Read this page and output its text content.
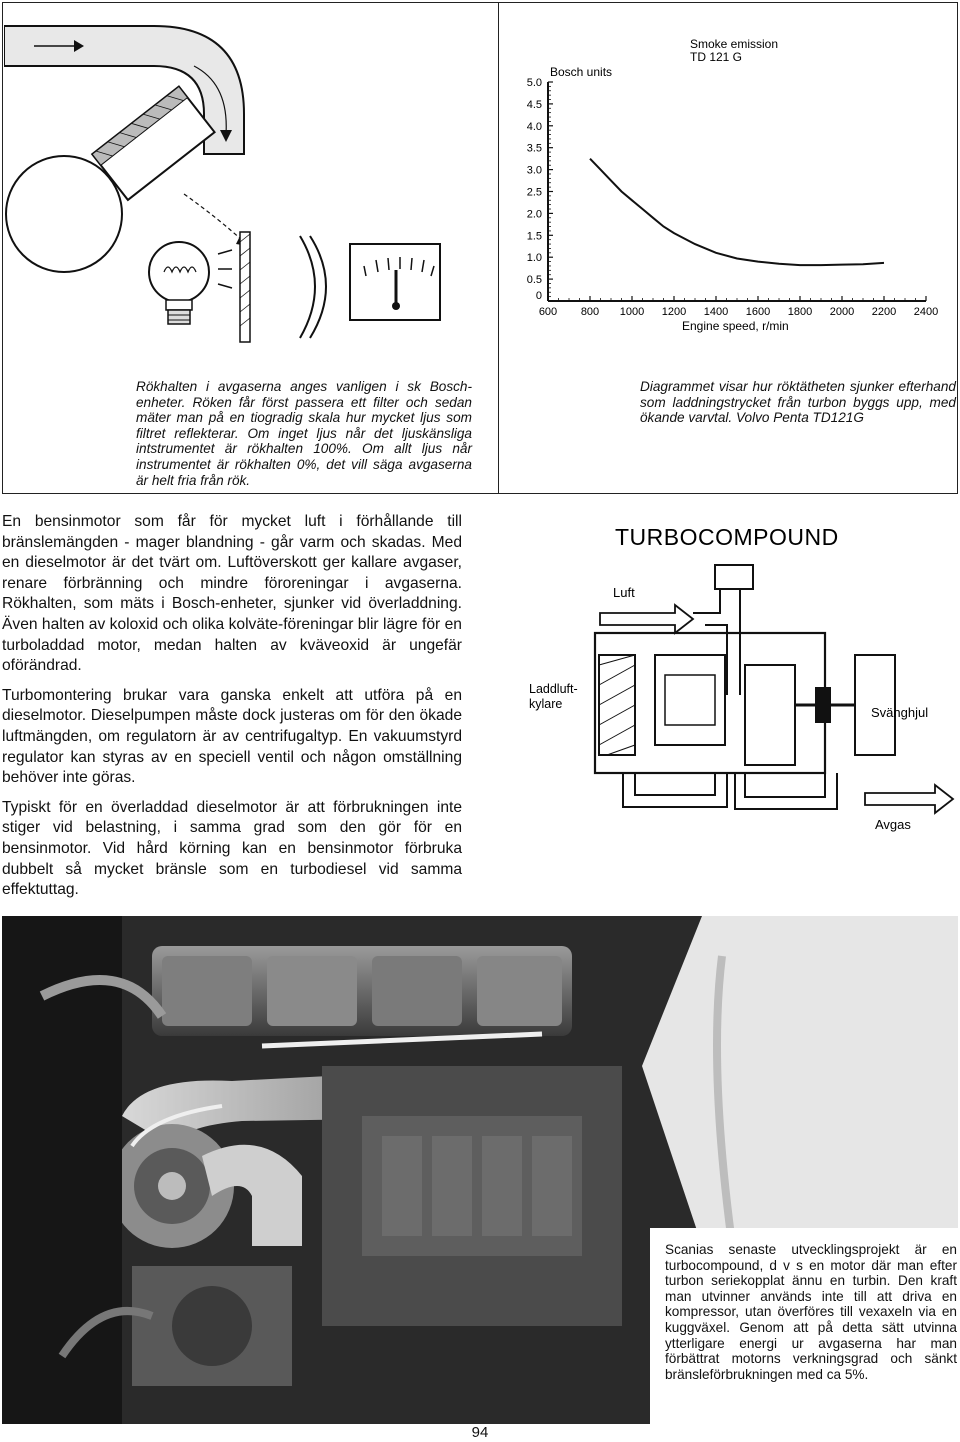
Rökhalten i avgaserna anges vanligen i sk Bosch-enheter. Röken får först passera ett filter och sedan mäter man på en tiogradig skala hur mycket ljus som filtret reflekterar. Om inget ljus når det ljuskänsliga intstrumentet är rökhalten 100%. Om allt ljus når instrumentet är rökhalten 0%, det vill säga avgaserna är helt fria från rök.
Smoke emission
TD 121 G
Bosch units
Engine speed, r/min
0
0.5
1.0
1.5
2.0
2.5
3.0
3.5
4.0
4.5
5.0
600 800 1000 1200 1400 1600 1800 2000 2200 2400
Diagrammet visar hur röktätheten sjunker efterhand som laddningstrycket från turbon byggs upp, med ökande varvtal. Volvo Penta TD121G

En bensinmotor som får för mycket luft i förhållande till bränslemängden - mager blandning - går varm och skadas. Med en dieselmotor är det tvärt om. Luftöverskott ger kallare avgaser, renare förbränning och mindre föroreningar i avgaserna. Rökhalten, som mäts i Bosch-enheter, sjunker vid överladdning. Även halten av koloxid och olika kolväte-föreningar blir lägre för en turboladdad motor, medan halten av kväveoxid är ungefär oförändrad.

Turbomontering brukar vara ganska enkelt att utföra på en dieselmotor. Dieselpumpen måste dock justeras om för den ökade luftmängden, om regulatorn är av centrifugaltyp. En vakuumstyrd regulator kan styras av en speciell ventil och någon omställning behöver inte göras.

Typiskt för en överladdad dieselmotor är att förbrukningen inte stiger vid belastning, i samma grad som den gör för en bensinmotor. Vid hård körning kan en bensinmotor förbruka dubbelt så mycket bränsle som en turbodiesel vid samma effektuttag.

TURBOCOMPOUND
Luft
Svänghjul
Laddluft- kylare
Avgas
Scanias senaste utvecklingsprojekt är en turbocompound, d v s en motor där man efter turbon seriekopplat ännu en turbin. Den kraft man utvinner används inte till att driva en kompressor, utan överföres till vexaxeln via en kuggväxel. Genom att på detta sätt utvinna ytterligare energi ur avgaserna har man förbättrat motorns verkningsgrad och sänkt bränsleförbrukningen med ca 5%.
94
